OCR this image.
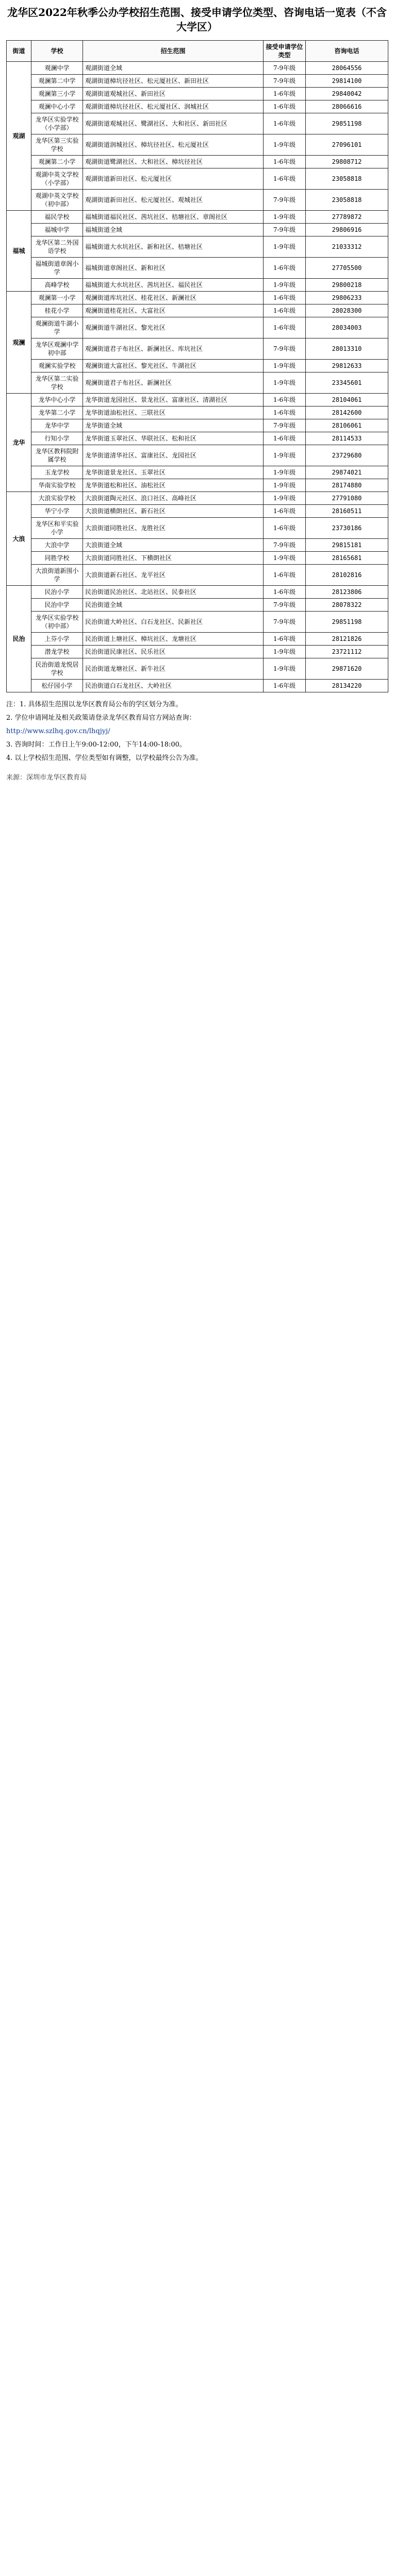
龙华区2022年秋季公办学校招生范围、接受申请学位类型、咨询电话一览表（不含大学区）
街道	学校	招生范围	接受申请学位类型	咨询电话
观湖	观澜中学	观湖街道全域	7-9年级	28064556
	观澜第二中学	观湖街道樟坑径社区、松元厦社区、新田社区	7-9年级	29814100
	观澜第三小学	观湖街道观城社区、新田社区	1-6年级	29840042
	观澜中心小学	观湖街道樟坑径社区、松元厦社区、润城社区	1-6年级	28066616
	龙华区实验学校（小学部）	观湖街道观城社区、鹭湖社区、大和社区、新田社区	1-6年级	29851198
	龙华区第三实验学校	观湖街道润城社区、樟坑径社区、松元厦社区	1-9年级	27096101
	观澜第二小学	观湖街道鹭湖社区、大和社区、樟坑径社区	1-6年级	29808712
	观湖中英文学校（小学部）	观湖街道新田社区、松元厦社区	1-6年级	23058818
	观湖中英文学校（初中部）	观湖街道新田社区、松元厦社区、观城社区	7-9年级	23058818
福城	福民学校	福城街道福民社区、茜坑社区、桔塘社区、章阁社区	1-9年级	27789872
	福城中学	福城街道全域	7-9年级	29806916
	龙华区第二外国语学校	福城街道大水坑社区、新和社区、桔塘社区	1-9年级	21033312
	福城街道章阁小学	福城街道章阁社区、新和社区	1-6年级	27705500
	高峰学校	福城街道大水坑社区、茜坑社区、福民社区	1-9年级	29800218
观澜	观澜第一小学	观澜街道库坑社区、桂花社区、新澜社区	1-6年级	29806233
	桂花小学	观澜街道桂花社区、大富社区	1-6年级	28028300
	观澜街道牛湖小学	观澜街道牛湖社区、黎光社区	1-6年级	28034003
	龙华区观澜中学初中部	观澜街道君子布社区、新澜社区、库坑社区	7-9年级	28013310
	观澜实验学校	观澜街道大富社区、黎光社区、牛湖社区	1-9年级	29812633
	龙华区第二实验学校	观澜街道君子布社区、新澜社区	1-9年级	23345601
龙华	龙华中心小学	龙华街道龙园社区、景龙社区、富康社区、清湖社区	1-6年级	28104061
	龙华第二小学	龙华街道油松社区、三联社区	1-6年级	28142600
	龙华中学	龙华街道全域	7-9年级	28106061
	行知小学	龙华街道玉翠社区、华联社区、松和社区	1-6年级	28114533
	龙华区教科院附属学校	龙华街道清华社区、富康社区、龙园社区	1-9年级	23729680
	玉龙学校	龙华街道景龙社区、玉翠社区	1-9年级	29874021
	华南实验学校	龙华街道松和社区、油松社区	1-9年级	28174880
大浪	大浪实验学校	大浪街道陶元社区、浪口社区、高峰社区	1-9年级	27791080
	华宁小学	大浪街道横朗社区、新石社区	1-6年级	28160511
	龙华区和平实验小学	大浪街道同胜社区、龙胜社区	1-6年级	23730186
	大浪中学	大浪街道全域	7-9年级	29815181
	同胜学校	大浪街道同胜社区、下横朗社区	1-9年级	28165681
	大浪街道新围小学	大浪街道新石社区、龙平社区	1-6年级	28102816
民治	民治小学	民治街道民治社区、北站社区、民泰社区	1-6年级	28123806
	民治中学	民治街道全域	7-9年级	28078322
	龙华区实验学校（初中部）	民治街道大岭社区、白石龙社区、民新社区	7-9年级	29851198
	上芬小学	民治街道上塘社区、樟坑社区、龙塘社区	1-6年级	28121826
	潜龙学校	民治街道民康社区、民乐社区	1-9年级	23721112
	民治街道龙悦居学校	民治街道龙塘社区、新牛社区	1-9年级	29871620
	松仔园小学	民治街道白石龙社区、大岭社区	1-6年级	28134220

注：1. 具体招生范围以龙华区教育局公布的学区划分为准。

2. 学位申请网址及相关政策请登录龙华区教育局官方网站查询：

http://www.szlhq.gov.cn/lhqjyj/

3. 咨询时间：工作日上午9:00-12:00，下午14:00-18:00。

4. 以上学校招生范围、学位类型如有调整，以学校最终公告为准。

来源：深圳市龙华区教育局
